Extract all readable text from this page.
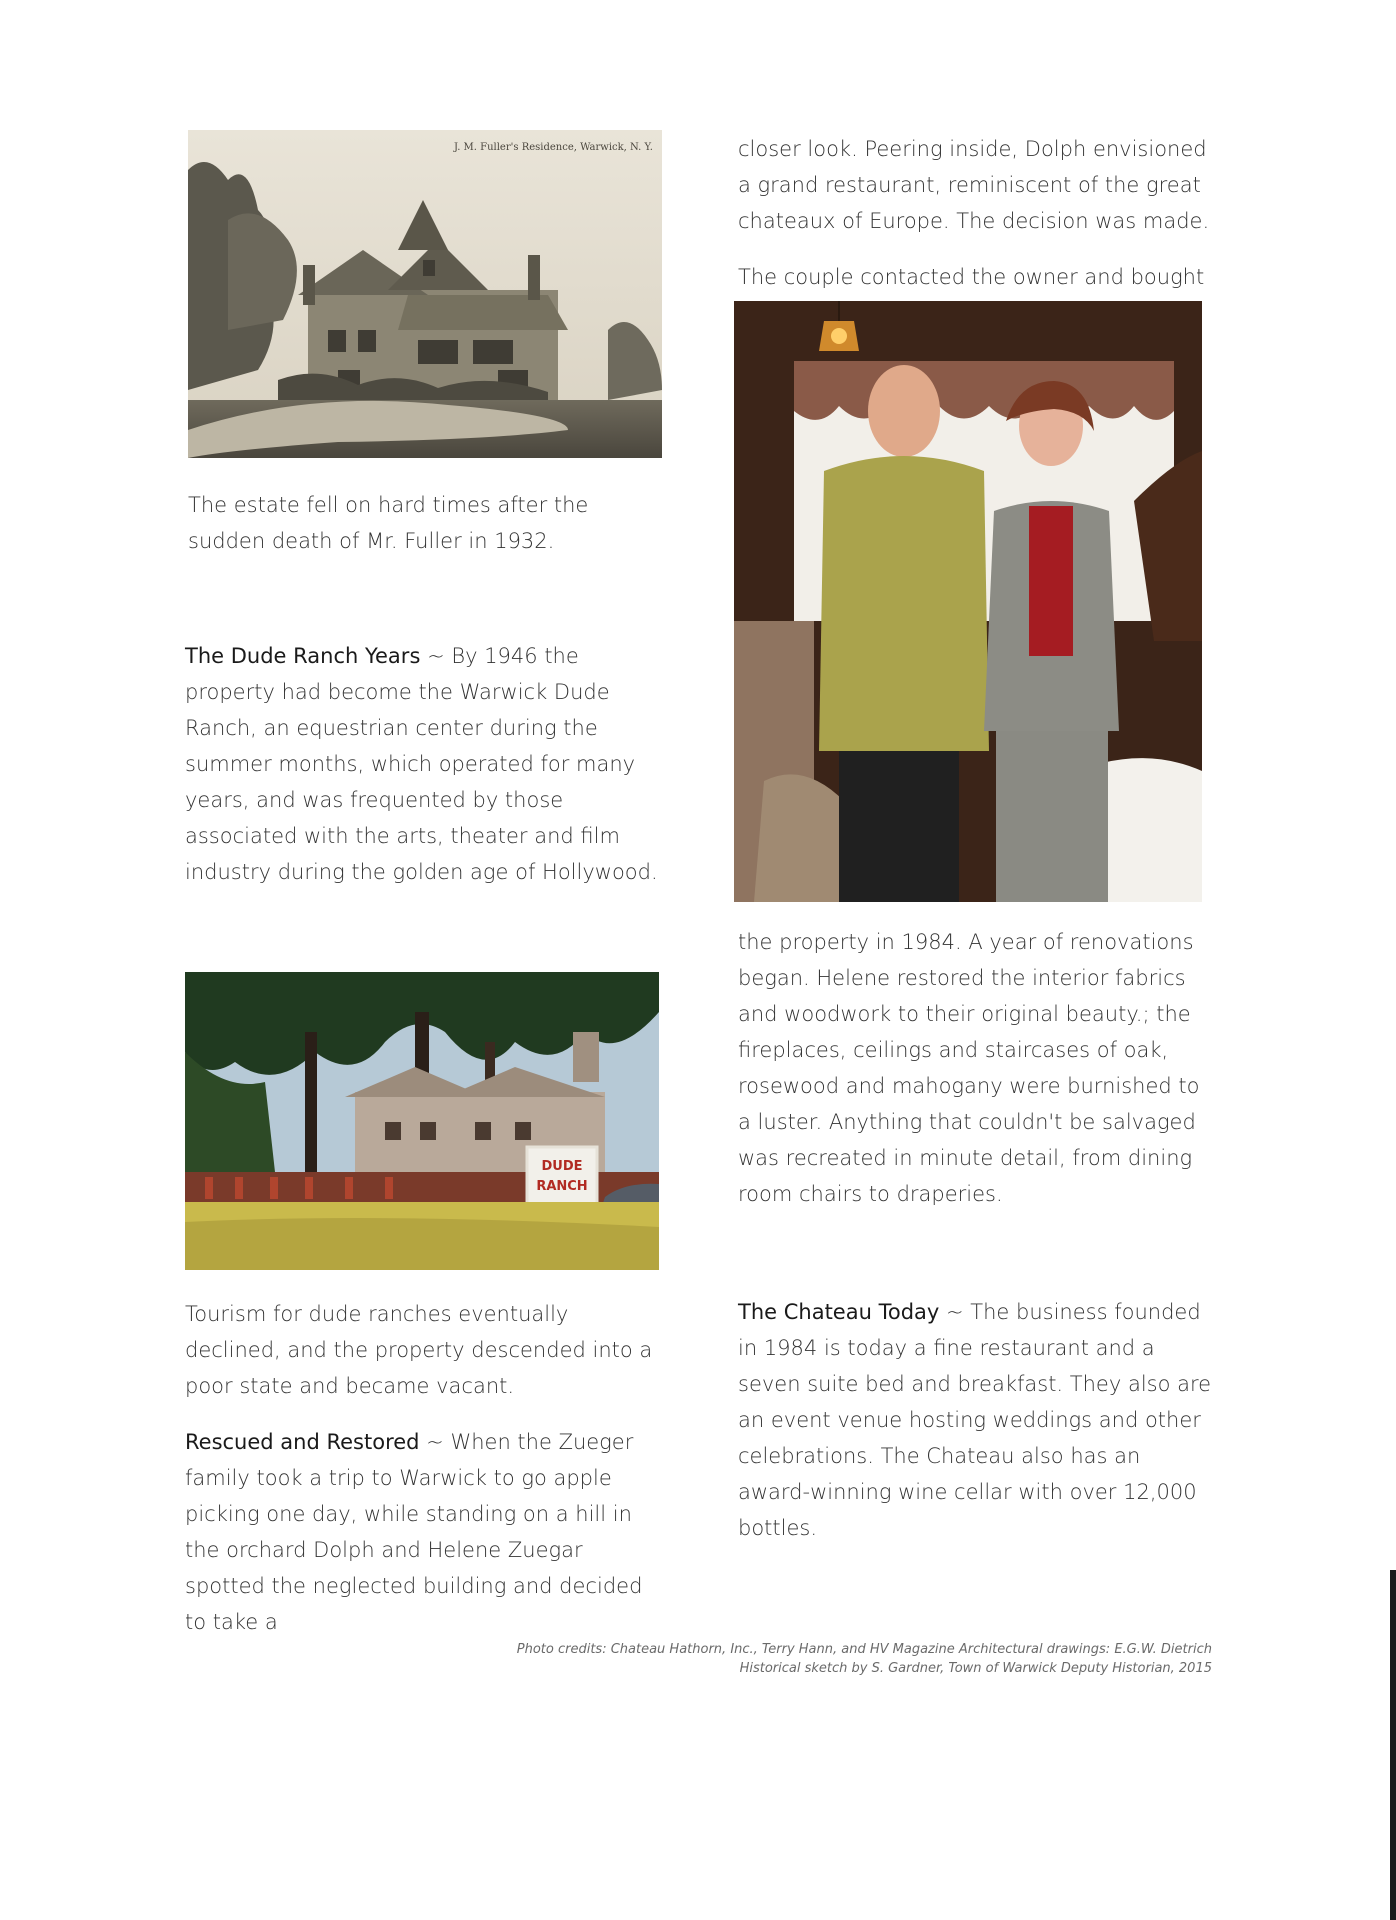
J. M. Fuller's Residence, Warwick, N. Y.
DUDE
RANCH

The estate fell on hard times after the sudden death of Mr. Fuller in 1932.

The Dude Ranch Years ~ By 1946 the property had become the Warwick Dude Ranch, an equestrian center during the summer months, which operated for many years, and was frequented by those associated with the arts, theater and film industry during the golden age of Hollywood.

Tourism for dude ranches eventually declined, and the property descended into a poor state and became vacant.

Rescued and Restored ~ When the Zueger family took a trip to Warwick to go apple picking one day, while standing on a hill in the orchard Dolph and Helene Zuegar spotted the neglected building and decided to take a

closer look. Peering inside, Dolph envisioned a grand restaurant, reminiscent of the great chateaux of Europe. The decision was made.

The couple contacted the owner and bought

the property in 1984. A year of renovations began. Helene restored the interior fabrics and woodwork to their original beauty.; the fireplaces, ceilings and staircases of oak, rosewood and mahogany were burnished to a luster. Anything that couldn't be salvaged was recreated in minute detail, from dining room chairs to draperies.

The Chateau Today ~ The business founded in 1984 is today a fine restaurant and a seven suite bed and breakfast. They also are an event venue hosting weddings and other celebrations. The Chateau also has an award-winning wine cellar with over 12,000 bottles.

Photo credits: Chateau Hathorn, Inc., Terry Hann, and HV Magazine Architectural drawings: E.G.W. Dietrich
Historical sketch by S. Gardner, Town of Warwick Deputy Historian, 2015
